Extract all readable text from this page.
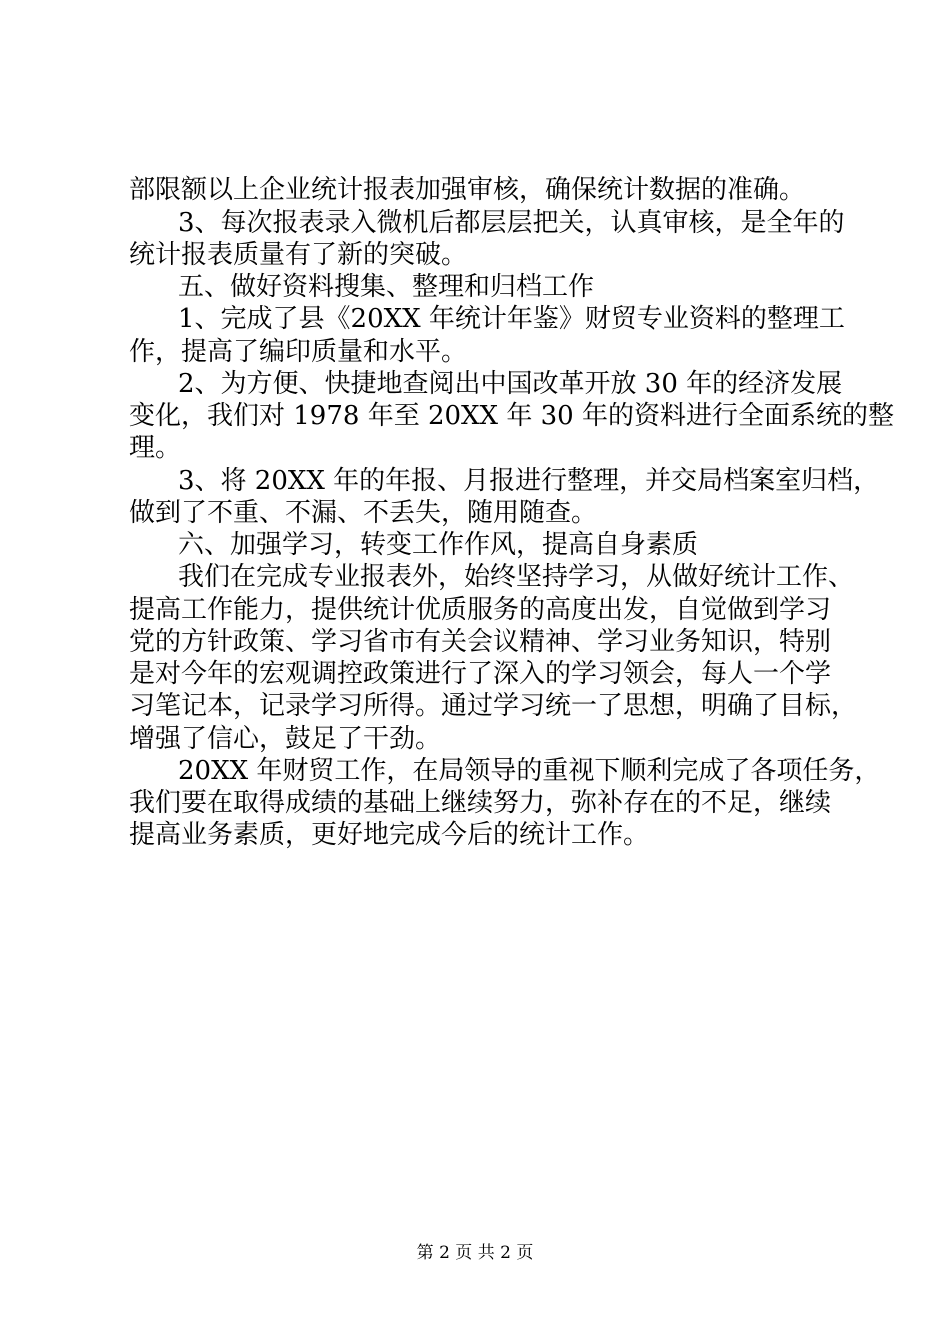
部限额以上企业统计报表加强审核，确保统计数据的准确。
3、每次报表录入微机后都层层把关，认真审核，是全年的
统计报表质量有了新的突破。
五、做好资料搜集、整理和归档工作
1、完成了县《20XX 年统计年鉴》财贸专业资料的整理工
作，提高了编印质量和水平。
2、为方便、快捷地查阅出中国改革开放 30 年的经济发展
变化，我们对 1978 年至 20XX 年 30 年的资料进行全面系统的整
理。
3、将 20XX 年的年报、月报进行整理，并交局档案室归档，
做到了不重、不漏、不丢失，随用随查。
六、加强学习，转变工作作风，提高自身素质
我们在完成专业报表外，始终坚持学习，从做好统计工作、
提高工作能力，提供统计优质服务的高度出发，自觉做到学习
党的方针政策、学习省市有关会议精神、学习业务知识，特别
是对今年的宏观调控政策进行了深入的学习领会，每人一个学
习笔记本，记录学习所得。通过学习统一了思想，明确了目标，
增强了信心，鼓足了干劲。
20XX 年财贸工作，在局领导的重视下顺利完成了各项任务，
我们要在取得成绩的基础上继续努力，弥补存在的不足，继续
提高业务素质，更好地完成今后的统计工作。
第 2 页 共 2 页
